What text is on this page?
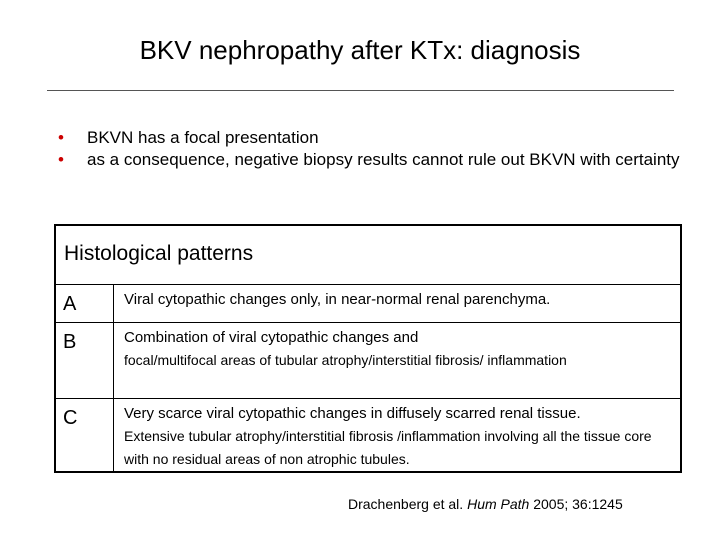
BKV nephropathy after KTx: diagnosis
• BKVN has a focal presentation
• as a consequence, negative biopsy results cannot rule out BKVN with certainty
Histological patterns
A	Viral cytopathic changes only, in near-normal renal parenchyma.
B	Combination of viral cytopathic changes and
focal/multifocal areas of tubular atrophy/interstitial fibrosis/ inflammation
C	Very scarce viral cytopathic changes in diffusely scarred renal tissue.
Extensive tubular atrophy/interstitial fibrosis /inflammation involving all the tissue core with no residual areas of non atrophic tubules.
Drachenberg et al. Hum Path 2005; 36:1245
